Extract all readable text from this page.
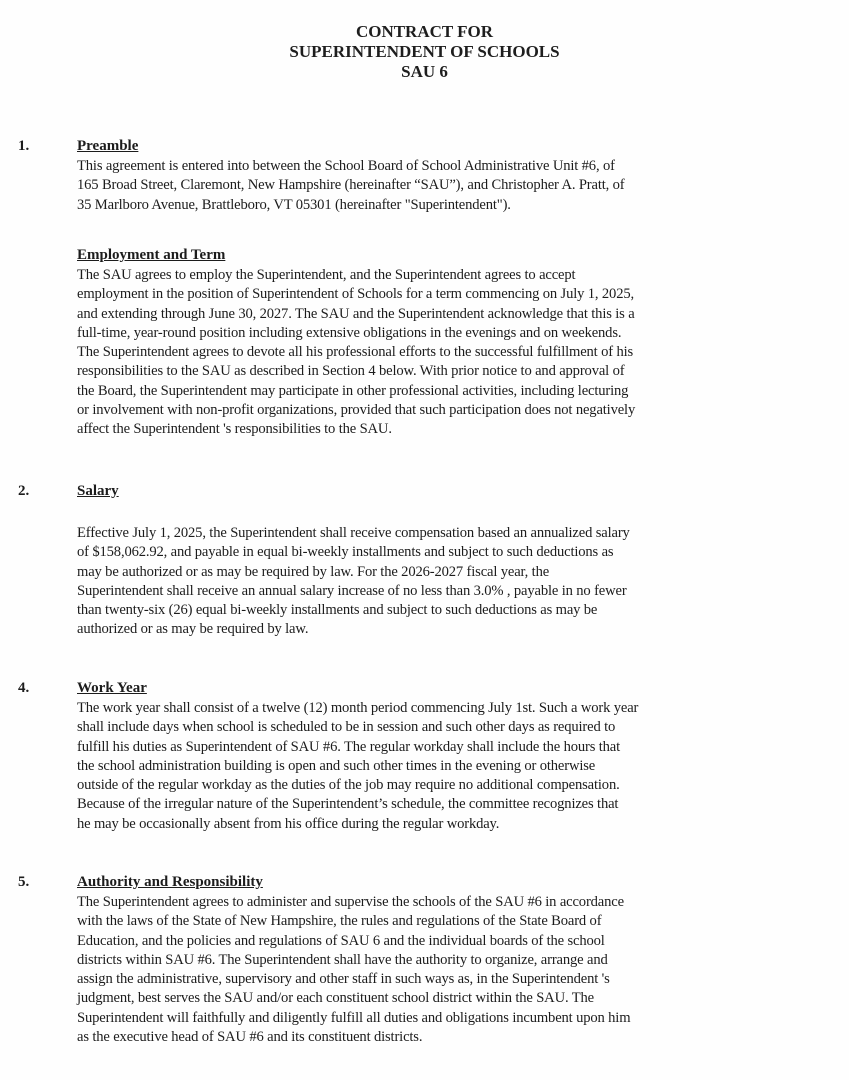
CONTRACT FOR
SUPERINTENDENT OF SCHOOLS
SAU 6
1.	Preamble
This agreement is entered into between the School Board of School Administrative Unit #6, of
165 Broad Street, Claremont, New Hampshire (hereinafter “SAU”), and Christopher A. Pratt, of
35 Marlboro Avenue, Brattleboro, VT 05301 (hereinafter "Superintendent").
Employment and Term
The SAU agrees to employ the Superintendent, and the Superintendent agrees to accept
employment in the position of Superintendent of Schools for a term commencing on July 1, 2025,
and extending through June 30, 2027. The SAU and the Superintendent acknowledge that this is a
full-time, year-round position including extensive obligations in the evenings and on weekends.
The Superintendent agrees to devote all his professional efforts to the successful fulfillment of his
responsibilities to the SAU as described in Section 4 below. With prior notice to and approval of
the Board, the Superintendent may participate in other professional activities, including lecturing
or involvement with non-profit organizations, provided that such participation does not negatively
affect the Superintendent 's responsibilities to the SAU.
2.	Salary
Effective July 1, 2025, the Superintendent shall receive compensation based an annualized salary
of $158,062.92, and payable in equal bi-weekly installments and subject to such deductions as
may be authorized or as may be required by law. For the 2026-2027 fiscal year, the
Superintendent shall receive an annual salary increase of no less than 3.0% , payable in no fewer
than twenty-six (26) equal bi-weekly installments and subject to such deductions as may be
authorized or as may be required by law.
4.	Work Year
The work year shall consist of a twelve (12) month period commencing July 1st. Such a work year
shall include days when school is scheduled to be in session and such other days as required to
fulfill his duties as Superintendent of SAU #6. The regular workday shall include the hours that
the school administration building is open and such other times in the evening or otherwise
outside of the regular workday as the duties of the job may require no additional compensation.
Because of the irregular nature of the Superintendent’s schedule, the committee recognizes that
he may be occasionally absent from his office during the regular workday.
5.	Authority and Responsibility
The Superintendent agrees to administer and supervise the schools of the SAU #6 in accordance
with the laws of the State of New Hampshire, the rules and regulations of the State Board of
Education, and the policies and regulations of SAU 6 and the individual boards of the school
districts within SAU #6. The Superintendent shall have the authority to organize, arrange and
assign the administrative, supervisory and other staff in such ways as, in the Superintendent 's
judgment, best serves the SAU and/or each constituent school district within the SAU. The
Superintendent will faithfully and diligently fulfill all duties and obligations incumbent upon him
as the executive head of SAU #6 and its constituent districts.
